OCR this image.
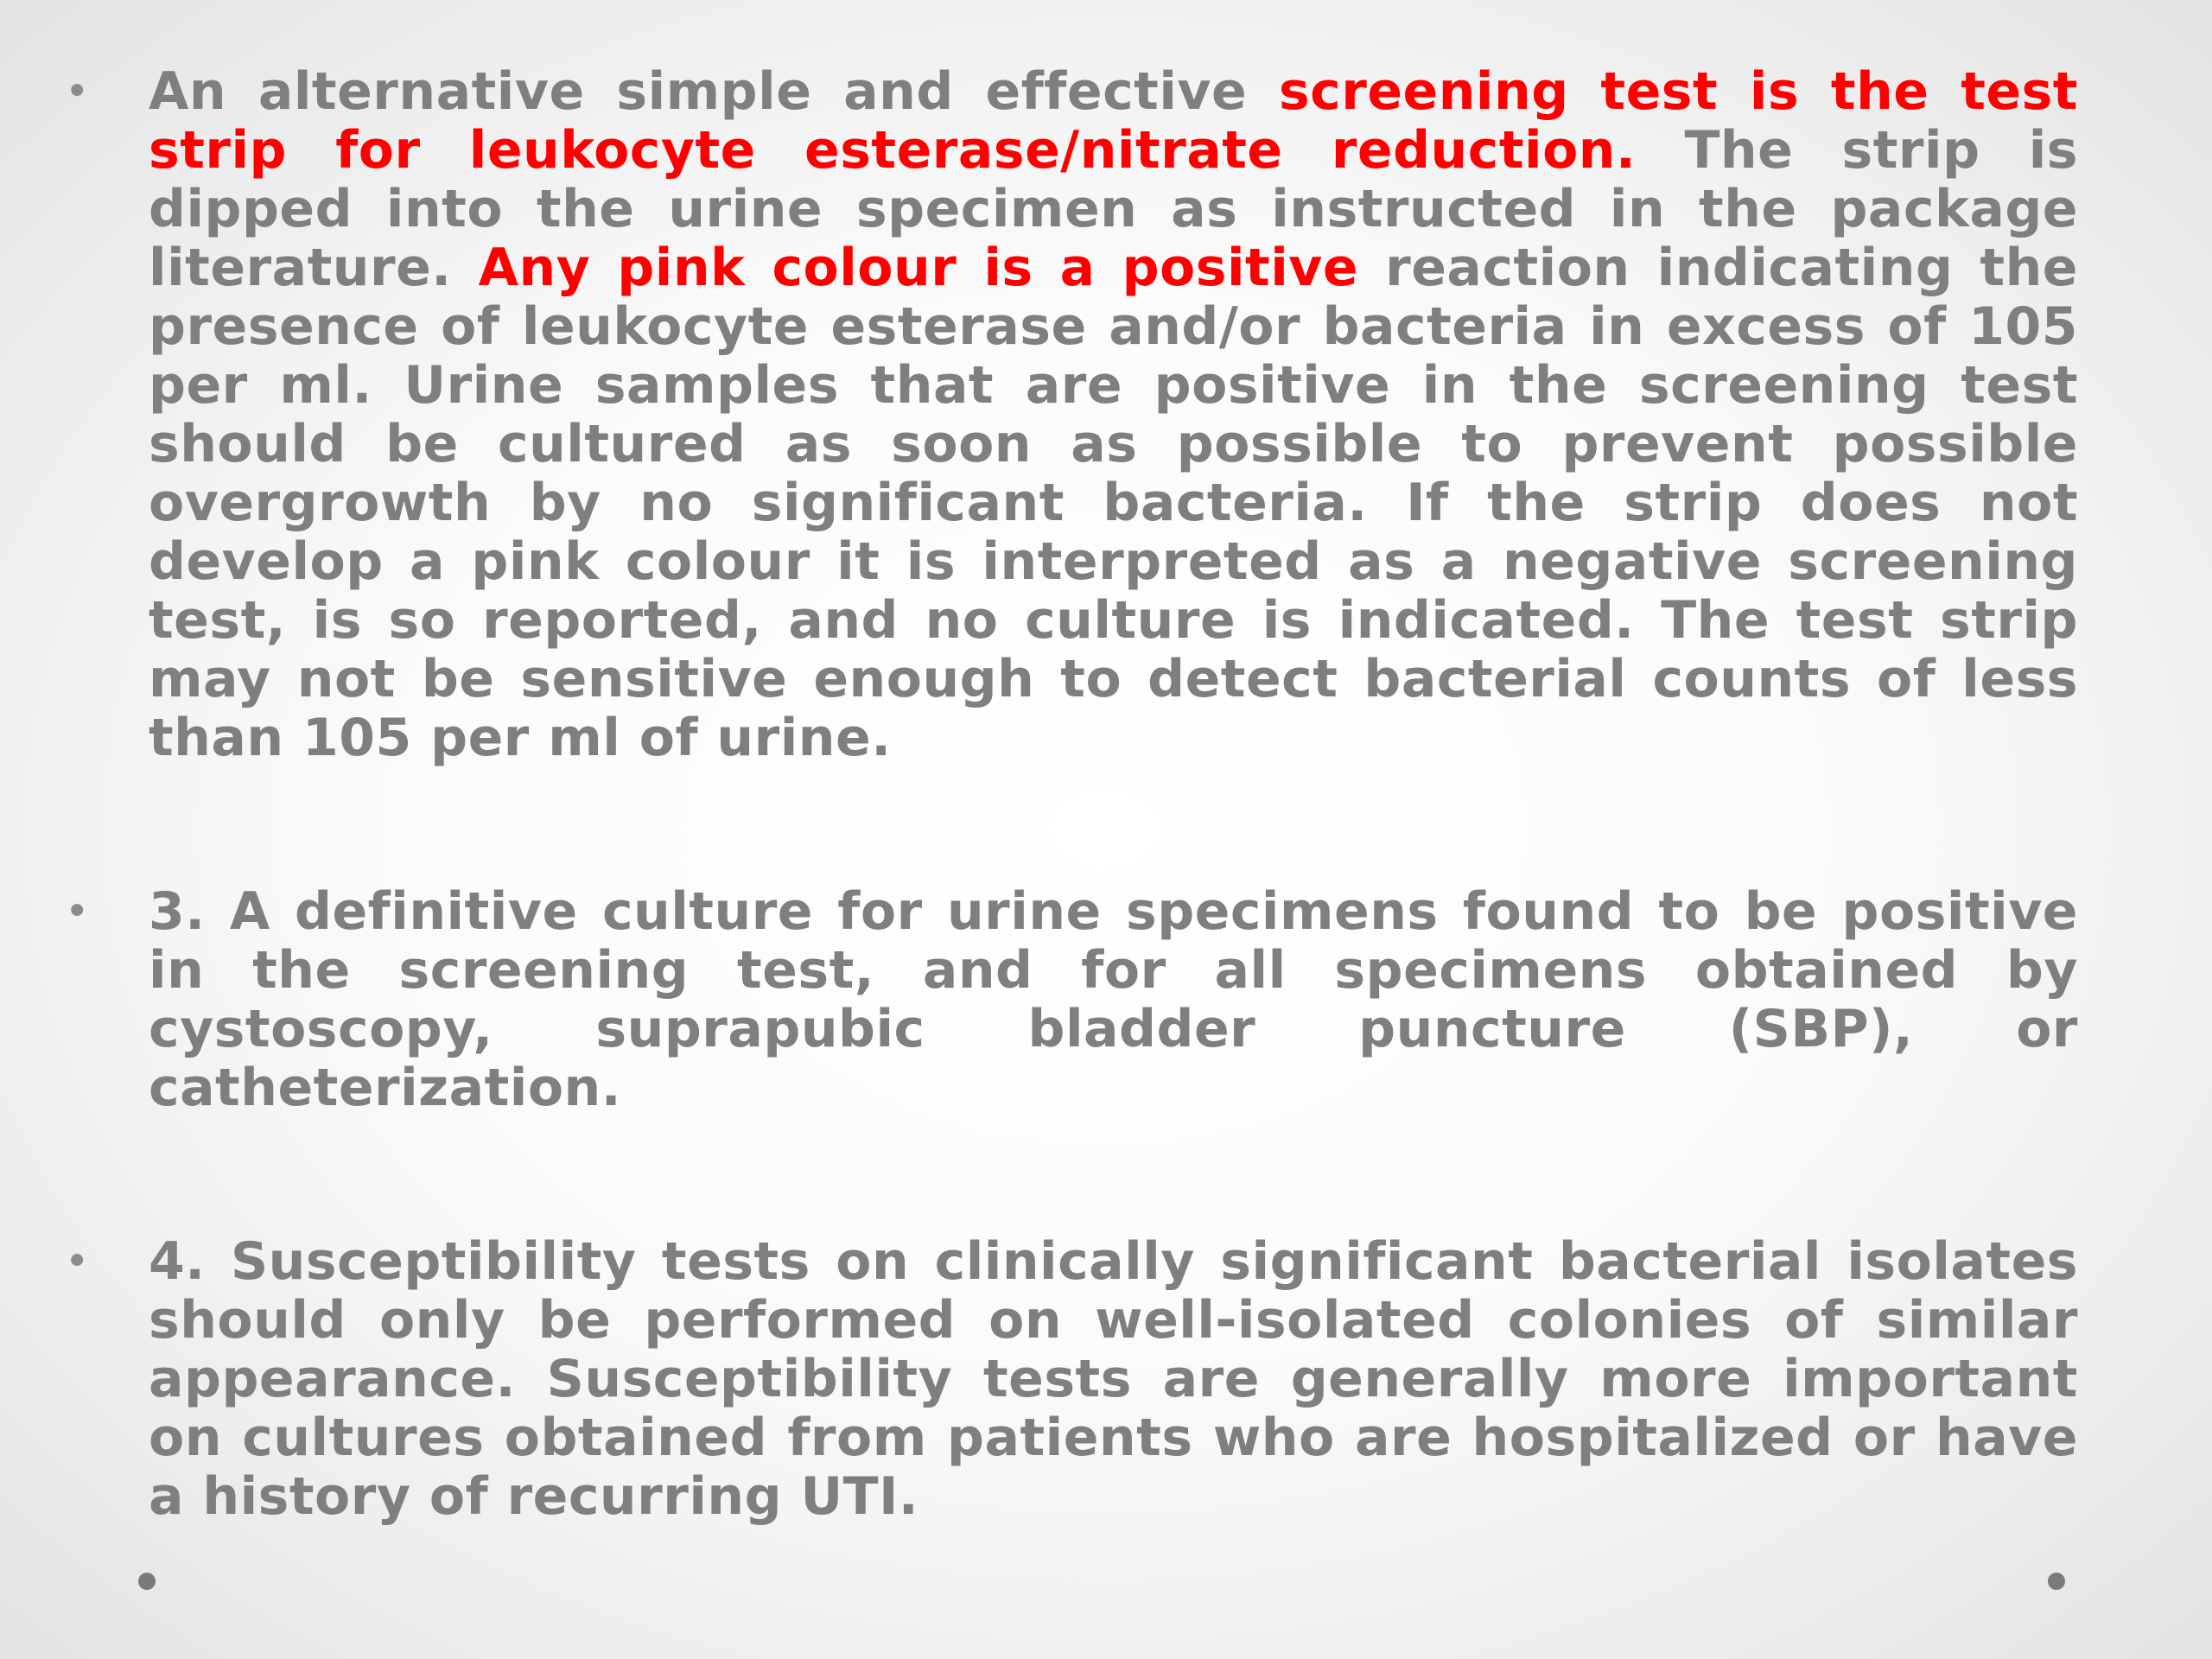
• An alternative simple and effective screening test is the test strip for leukocyte esterase/nitrate reduction. The strip is dipped into the urine specimen as instructed in the package literature. Any pink colour is a positive reaction indicating the presence of leukocyte esterase and/or bacteria in excess of 105 per ml. Urine samples that are positive in the screening test should be cultured as soon as possible to prevent possible overgrowth by no significant bacteria. If the strip does not develop a pink colour it is interpreted as a negative screening test, is so reported, and no culture is indicated. The test strip may not be sensitive enough to detect bacterial counts of less than 105 per ml of urine.

• 3. A definitive culture for urine specimens found to be positive in the screening test, and for all specimens obtained by cystoscopy, suprapubic bladder puncture (SBP), or catheterization.

• 4. Susceptibility tests on clinically significant bacterial isolates should only be performed on well-isolated colonies of similar appearance. Susceptibility tests are generally more important on cultures obtained from patients who are hospitalized or have a history of recurring UTI.
